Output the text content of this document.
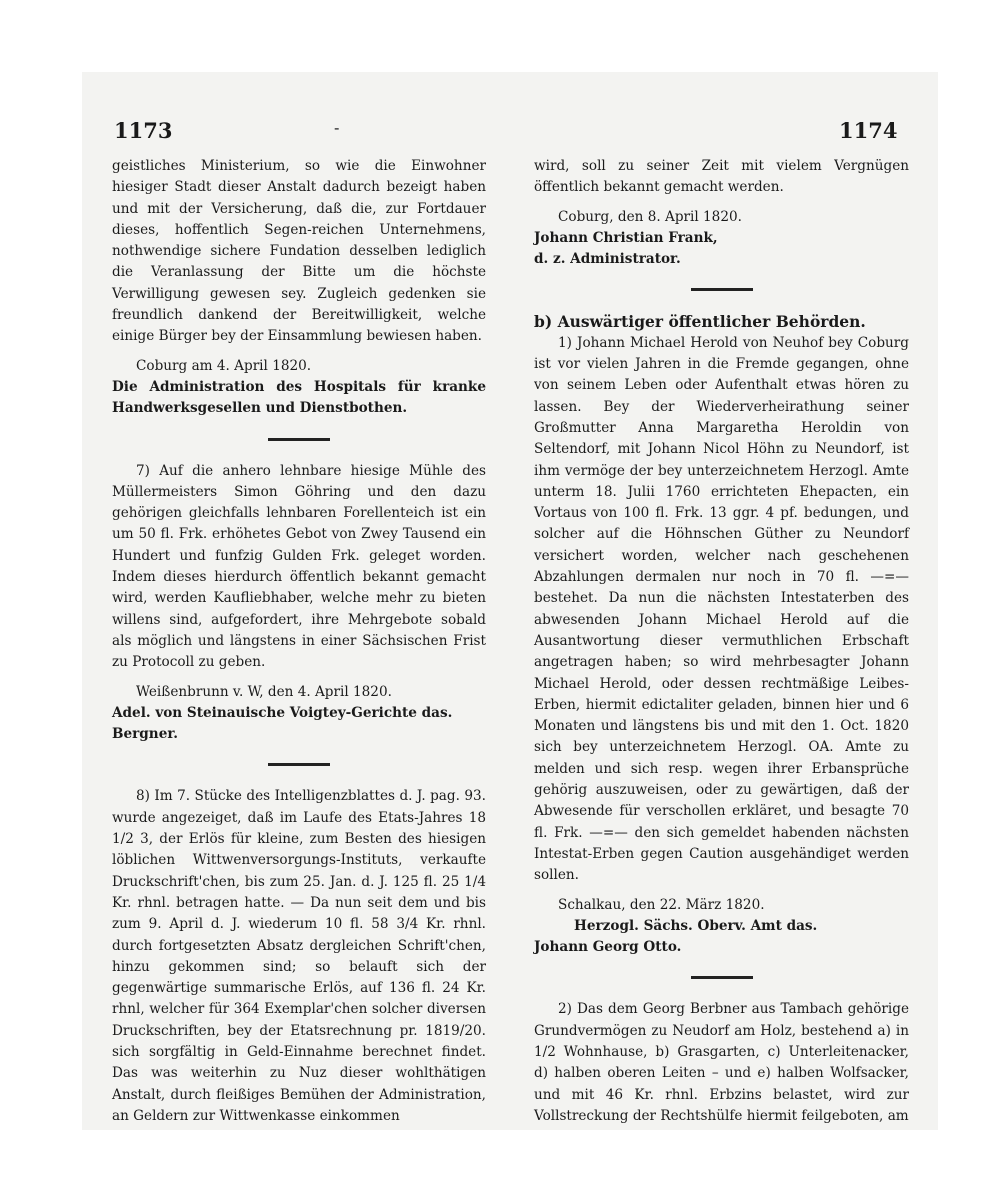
1173	-	1174

geistliches Ministerium, so wie die Einwohner hiesiger Stadt dieser Anstalt dadurch bezeigt haben und mit der Versicherung, daß die, zur Fortdauer dieses, hoffentlich Segen-reichen Unternehmens, nothwendige sichere Fundation desselben lediglich die Veranlassung der Bitte um die höchste Verwilligung gewesen sey. Zugleich gedenken sie freundlich dankend der Bereitwilligkeit, welche einige Bürger bey der Einsammlung bewiesen haben.

Coburg am 4. April 1820.

Die Administration des Hospitals für kranke Handwerksgesellen und Dienstbothen.

7) Auf die anhero lehnbare hiesige Mühle des Müllermeisters Simon Göhring und den dazu gehörigen gleichfalls lehnbaren Forellenteich ist ein um 50 fl. Frk. erhöhetes Gebot von Zwey Tausend ein Hundert und funfzig Gulden Frk. geleget worden. Indem dieses hierdurch öffentlich bekannt gemacht wird, werden Kaufliebhaber, welche mehr zu bieten willens sind, aufgefordert, ihre Mehrgebote sobald als möglich und längstens in einer Sächsischen Frist zu Protocoll zu geben.

Weißenbrunn v. W, den 4. April 1820.

Adel. von Steinauische Voigtey-Gerichte das.

Bergner.

8) Im 7. Stücke des Intelligenzblattes d. J. pag. 93. wurde angezeiget, daß im Laufe des Etats-Jahres 18 1/2 3, der Erlös für kleine, zum Besten des hiesigen löblichen Wittwenversorgungs-Instituts, verkaufte Druckschrift'chen, bis zum 25. Jan. d. J. 125 fl. 25 1/4 Kr. rhnl. betragen hatte. — Da nun seit dem und bis zum 9. April d. J. wiederum 10 fl. 58 3/4 Kr. rhnl. durch fortgesetzten Absatz dergleichen Schrift'chen, hinzu gekommen sind; so belauft sich der gegenwärtige summarische Erlös, auf 136 fl. 24 Kr. rhnl, welcher für 364 Exemplar'chen solcher diversen Druckschriften, bey der Etatsrechnung pr. 1819/20. sich sorgfältig in Geld-Einnahme berechnet findet. Das was weiterhin zu Nuz dieser wohlthätigen Anstalt, durch fleißiges Bemühen der Administration, an Geldern zur Wittwenkasse einkommen

wird, soll zu seiner Zeit mit vielem Vergnügen öffentlich bekannt gemacht werden.

Coburg, den 8. April 1820.

Johann Christian Frank,

d. z. Administrator.

b) Auswärtiger öffentlicher Behörden.

1) Johann Michael Herold von Neuhof bey Coburg ist vor vielen Jahren in die Fremde gegangen, ohne von seinem Leben oder Aufenthalt etwas hören zu lassen. Bey der Wiederverheirathung seiner Großmutter Anna Margaretha Heroldin von Seltendorf, mit Johann Nicol Höhn zu Neundorf, ist ihm vermöge der bey unterzeichnetem Herzogl. Amte unterm 18. Julii 1760 errichteten Ehepacten, ein Vortaus von 100 fl. Frk. 13 ggr. 4 pf. bedungen, und solcher auf die Höhnschen Güther zu Neundorf versichert worden, welcher nach geschehenen Abzahlungen dermalen nur noch in 70 fl. —=— bestehet. Da nun die nächsten Intestaterben des abwesenden Johann Michael Herold auf die Ausantwortung dieser vermuthlichen Erbschaft angetragen haben; so wird mehrbesagter Johann Michael Herold, oder dessen rechtmäßige Leibes-Erben, hiermit edictaliter geladen, binnen hier und 6 Monaten und längstens bis und mit den 1. Oct. 1820 sich bey unterzeichnetem Herzogl. OA. Amte zu melden und sich resp. wegen ihrer Erbansprüche gehörig auszuweisen, oder zu gewärtigen, daß der Abwesende für verschollen erkläret, und besagte 70 fl. Frk. —=— den sich gemeldet habenden nächsten Intestat-Erben gegen Caution ausgehändiget werden sollen.

Schalkau, den 22. März 1820.

Herzogl. Sächs. Oberv. Amt das.

Johann Georg Otto.

2) Das dem Georg Berbner aus Tambach gehörige Grundvermögen zu Neudorf am Holz, bestehend a) in 1/2 Wohnhause, b) Grasgarten, c) Unterleitenacker, d) halben oberen Leiten – und e) halben Wolfsacker, und mit 46 Kr. rhnl. Erbzins belastet, wird zur Vollstreckung der Rechtshülfe hiermit feilgeboten, am
